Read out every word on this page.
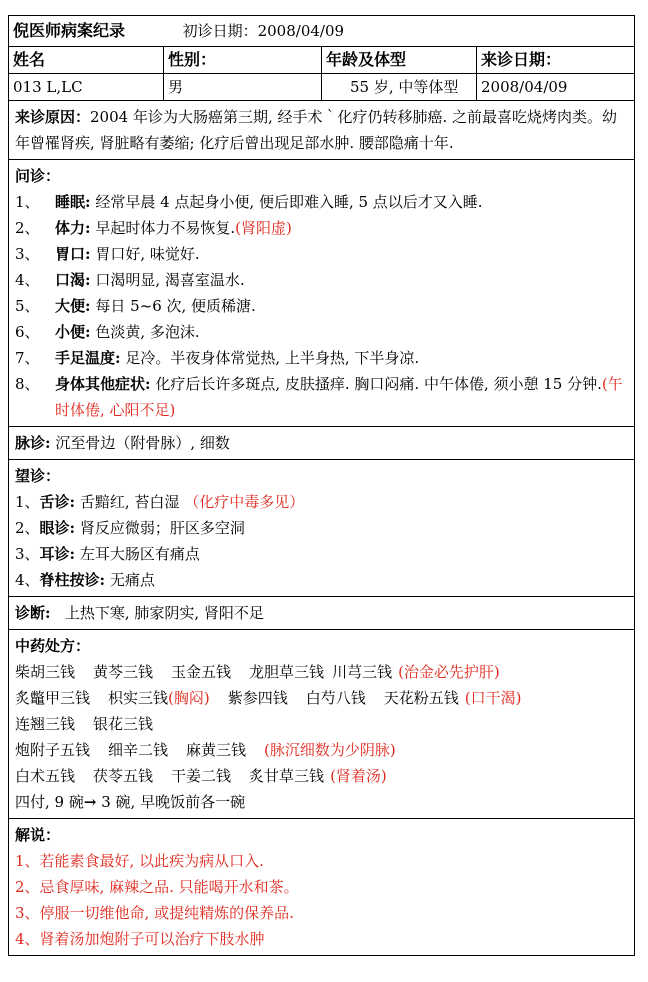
倪医师病案纪录	初诊日期：2008/04/09
姓名	性别：	年龄及体型	来诊日期：
013 L,LC	男	55 岁, 中等体型	2008/04/09
来诊原因：2004 年诊为大肠癌第三期, 经手术｀化疗仍转移肺癌. 之前最喜吃烧烤肉类。幼年曾罹肾疾, 肾脏略有萎缩; 化疗后曾出现足部水肿. 腰部隐痛十年.
问诊：
1、	睡眠: 经常早晨 4 点起身小便, 便后即难入睡, 5 点以后才又入睡.
2、	体力: 早起时体力不易恢复.(肾阳虚)
3、	胃口: 胃口好, 味觉好.
4、	口渴: 口渴明显, 渴喜室温水.
5、	大便: 每日 5~6 次, 便质稀溏.
6、	小便: 色淡黄, 多泡沫.
7、	手足温度: 足冷。半夜身体常觉热, 上半身热, 下半身凉.
8、	身体其他症状: 化疗后长许多斑点, 皮肤搔痒. 胸口闷痛. 中午体倦, 须小憩 15 分钟.(午时体倦, 心阳不足)
脉诊: 沉至骨边（附骨脉）, 细数
望诊：
1、舌诊: 舌黯红, 苔白湿 （化疗中毒多见）
2、眼诊: 肾反应微弱；肝区多空洞
3、耳诊: 左耳大肠区有痛点
4、脊柱按诊: 无痛点
诊断: 上热下寒, 肺家阴实, 肾阳不足
中药处方：
柴胡三钱 黄芩三钱 玉金五钱 龙胆草三钱 川芎三钱 (治金必先护肝)
炙鼈甲三钱 枳实三钱(胸闷) 紫参四钱 白芍八钱 天花粉五钱 (口干渴)
连翘三钱 银花三钱
炮附子五钱 细辛二钱 麻黄三钱 (脉沉细数为少阴脉)
白术五钱 茯苓五钱 干姜二钱 炙甘草三钱 (肾着汤)
四付, 9 碗→ 3 碗, 早晚饭前各一碗
解说：
1、若能素食最好, 以此疾为病从口入.
2、忌食厚味, 麻辣之品. 只能喝开水和茶。
3、停服一切维他命, 或提纯精炼的保养品.
4、肾着汤加炮附子可以治疗下肢水肿
